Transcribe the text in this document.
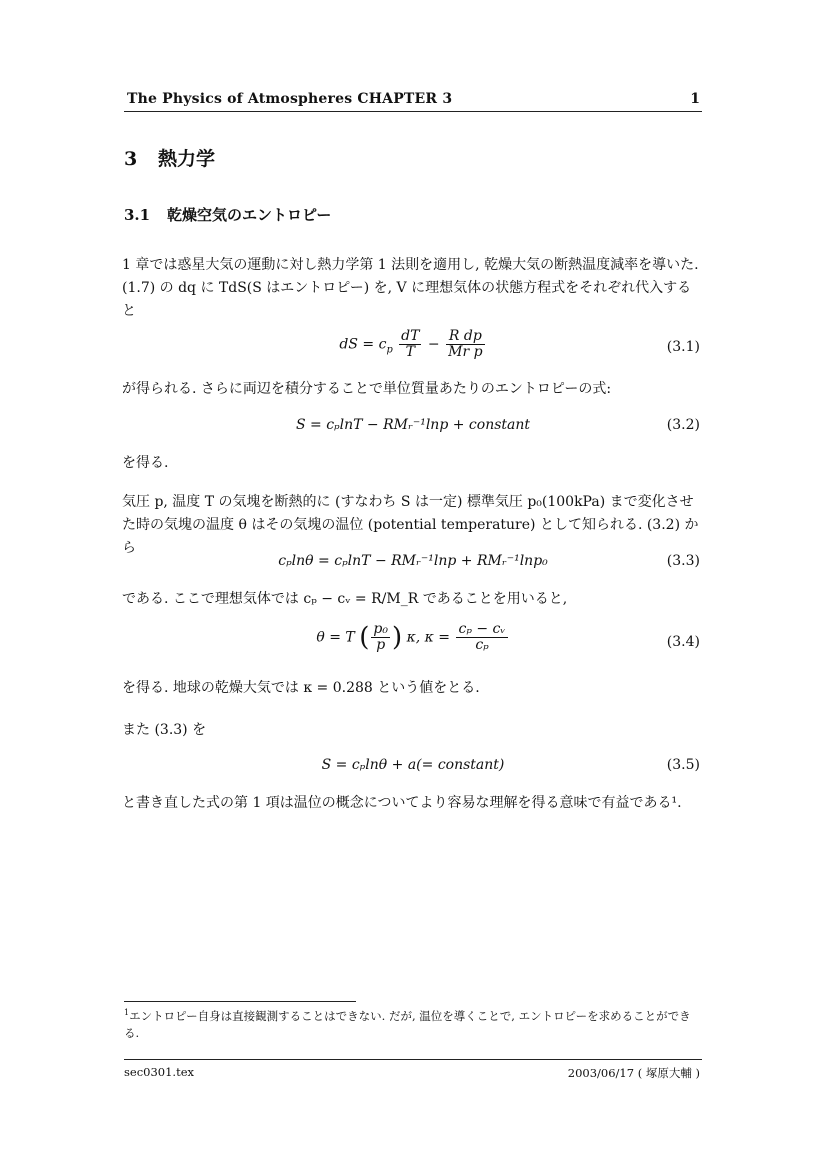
The Physics of Atmospheres CHAPTER 3	1
3 熱力学
3.1 乾燥空気のエントロピー
1 章では惑星大気の運動に対し熱力学第 1 法則を適用し, 乾燥大気の断熱温度減率を導いた. (1.7) の dq に TdS(S はエントロピー) を, V に理想気体の状態方程式をそれぞれ代入すると
dS = $c_p \frac{dT}{T} - \frac{\text{R dp}}{\text{Mr p}}$	(3.1)
が得られる. さらに両辺を積分することで単位質量あたりのエントロピーの式:
S = cₚlnT − RMᵣ⁻¹lnp + constant	(3.2)
を得る.
気圧 p, 温度 T の気塊を断熱的に (すなわち S は一定) 標準気圧 p₀(100kPa) まで変化させた時の気塊の温度 θ はその気塊の温位 (potential temperature) として知られる. (3.2) から
cₚlnθ = cₚlnT − RMᵣ⁻¹lnp + RMᵣ⁻¹lnp₀	(3.3)
である. ここで理想気体では cₚ − cᵥ = R/M_R であることを用いると,
θ = T ( $\frac{\text{p₀}}{p}$ ) κ, $\kappa = \frac{\text{cₚ − cᵥ}}{\text{cₚ}}$	(3.4)
を得る. 地球の乾燥大気では κ = 0.288 という値をとる.
また (3.3) を
S = cₚlnθ + a(= constant)	(3.5)
と書き直した式の第 1 項は温位の概念についてより容易な理解を得る意味で有益である¹.
$^1$エントロピー自身は直接観測することはできない. だが, 温位を導くことで, エントロピーを求めることができる.
sec0301.tex	2003/06/17 ( 塚原大輔 )
